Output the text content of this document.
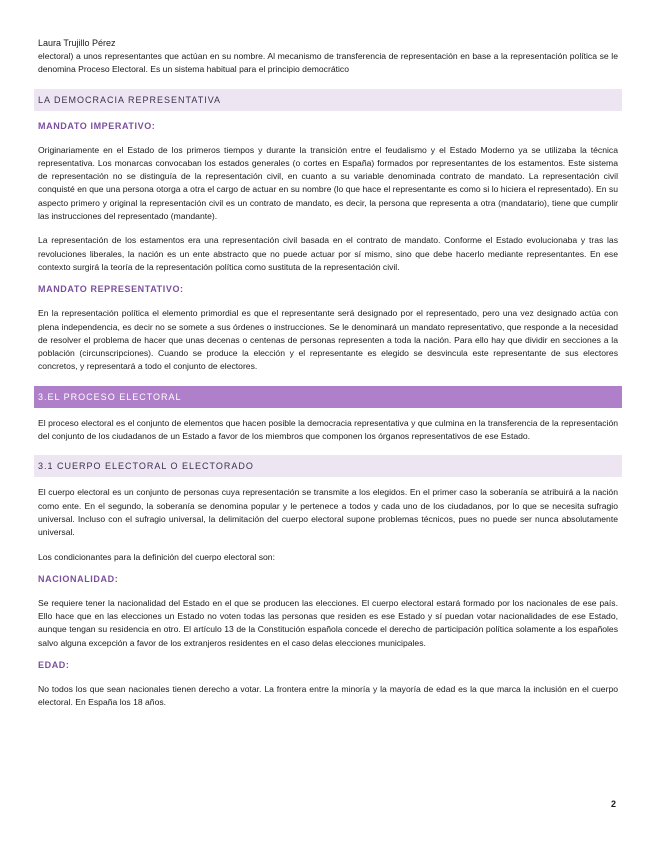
Laura Trujillo Pérez

electoral) a unos representantes que actúan en su nombre. Al mecanismo de transferencia de representación en base a la representación política se le denomina Proceso Electoral. Es un sistema habitual para el principio democrático

LA DEMOCRACIA REPRESENTATIVA
MANDATO IMPERATIVO:

Originariamente en el Estado de los primeros tiempos y durante la transición entre el feudalismo y el Estado Moderno ya se utilizaba la técnica representativa. Los monarcas convocaban los estados generales (o cortes en España) formados por representantes de los estamentos. Este sistema de representación no se distinguía de la representación civil, en cuanto a su variable denominada contrato de mandato. La representación civil conquisté en que una persona otorga a otra el cargo de actuar en su nombre (lo que hace el representante es como si lo hiciera el representado). En su aspecto primero y original la representación civil es un contrato de mandato, es decir, la persona que representa a otra (mandatario), tiene que cumplir las instrucciones del representado (mandante).

La representación de los estamentos era una representación civil basada en el contrato de mandato. Conforme el Estado evolucionaba y tras las revoluciones liberales, la nación es un ente abstracto que no puede actuar por sí mismo, sino que debe hacerlo mediante representantes. En ese contexto surgirá la teoría de la representación política como sustituta de la representación civil.

MANDATO REPRESENTATIVO:

En la representación política el elemento primordial es que el representante será designado por el representado, pero una vez designado actúa con plena independencia, es decir no se somete a sus órdenes o instrucciones. Se le denominará un mandato representativo, que responde a la necesidad de resolver el problema de hacer que unas decenas o centenas de personas representen a toda la nación. Para ello hay que dividir en secciones a la población (circunscripciones). Cuando se produce la elección y el representante es elegido se desvincula este representante de sus electores concretos, y representará a todo el conjunto de electores.

3.EL PROCESO ELECTORAL

El proceso electoral es el conjunto de elementos que hacen posible la democracia representativa y que culmina en la transferencia de la representación del conjunto de los ciudadanos de un Estado a favor de los miembros que componen los órganos representativos de ese Estado.

3.1 CUERPO ELECTORAL O ELECTORADO

El cuerpo electoral es un conjunto de personas cuya representación se transmite a los elegidos. En el primer caso la soberanía se atribuirá a la nación como ente. En el segundo, la soberanía se denomina popular y le pertenece a todos y cada uno de los ciudadanos, por lo que se necesita sufragio universal. Incluso con el sufragio universal, la delimitación del cuerpo electoral supone problemas técnicos, pues no puede ser nunca absolutamente universal.

Los condicionantes para la definición del cuerpo electoral son:

NACIONALIDAD:

Se requiere tener la nacionalidad del Estado en el que se producen las elecciones. El cuerpo electoral estará formado por los nacionales de ese país. Ello hace que en las elecciones un Estado no voten todas las personas que residen es ese Estado y sí puedan votar nacionalidades de ese Estado, aunque tengan su residencia en otro. El artículo 13 de la Constitución española concede el derecho de participación política solamente a los españoles salvo alguna excepción a favor de los extranjeros residentes en el caso delas elecciones municipales.

EDAD:

No todos los que sean nacionales tienen derecho a votar. La frontera entre la minoría y la mayoría de edad es la que marca la inclusión en el cuerpo electoral. En España los 18 años.

2
